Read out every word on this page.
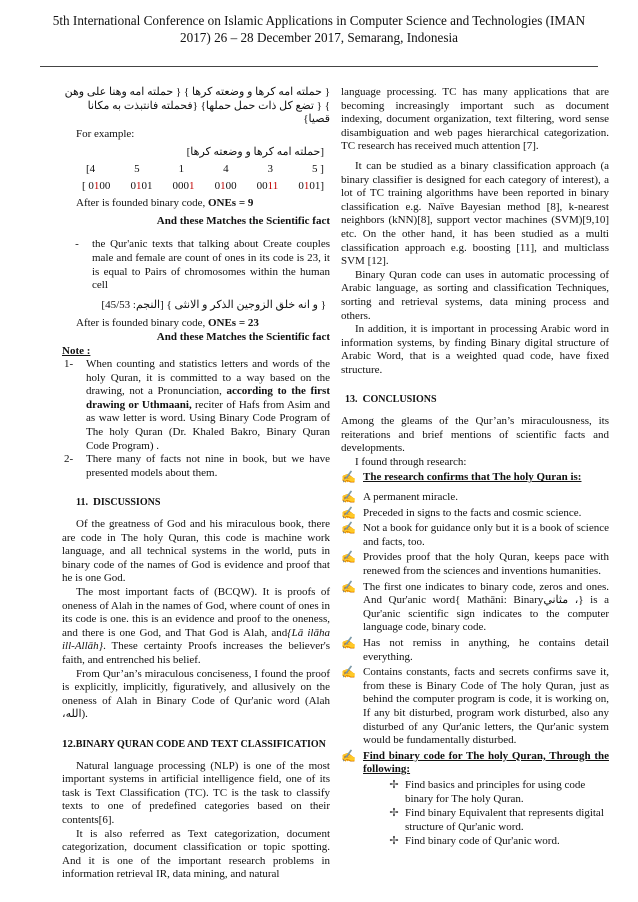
5th International Conference on Islamic Applications in Computer Science and Technologies (IMAN
2017) 26 – 28 December 2017, Semarang, Indonesia

{ حملته امه كرها و وضعته كرها } { حملته امه وهنا على وهن } { تضع كل ذات حمل حملها} {فحملته فانتبذت به مكانا قصيا}

For example:

[حملته امه كرها و وضعته كرها]

[4	5	1	4	3	5 ]
[ 0100 0101 0001 0100 0011 0101]

After is founded binary code, ONEs = 9

And these Matches the Scientific fact

-	the Qur'anic texts that talking about Create couples male and female are count of ones in its code is 23, it is equal to Pairs of chromosomes within the human cell

{ و انه خلق الزوجين الذكر و الانثى } [النجم: 45/53]

After is founded binary code, ONEs = 23

And these Matches the Scientific fact

Note :

1-	When counting and statistics letters and words of the holy Quran, it is committed to a way based on the drawing, not a Pronunciation, according to the first drawing or Uthmaani, reciter of Hafs from Asim and as waw letter is word. Using Binary Code Program of The holy Quran (Dr. Khaled Bakro, Binary Quran Code Program) .
2-	There many of facts not nine in book, but we have presented models about them.

11. DISCUSSIONS

Of the greatness of God and his miraculous book, there are code in The holy Quran, this code is machine work language, and all technical systems in the world, puts in binary code of the names of God is evidence and proof that he is one God.

The most important facts of (BCQW). It is proofs of oneness of Alah in the names of God, where count of ones in its code is one. this is an evidence and proof to the oneness, and there is one God, and That God is Alah, and{Lā ilāha ill-Allāh}. These certainty Proofs increases the believer's faith, and entrenched his belief.

From Qur’an’s miraculous conciseness, I found the proof is explicitly, implicitly, figuratively, and allusively on the oneness of Alah in Binary Code of Qur'anic word (Alah ،الله).

12.BINARY QURAN CODE AND TEXT CLASSIFICATION

Natural language processing (NLP) is one of the most important systems in artificial intelligence field, one of its task is Text Classification (TC). TC is the task to classify texts to one of predefined categories based on their contents[6].

It is also referred as Text categorization, document categorization, document classification or topic spotting. And it is one of the important research problems in information retrieval IR, data mining, and natural

language processing. TC has many applications that are becoming increasingly important such as document indexing, document organization, text filtering, word sense disambiguation and web pages hierarchical categorization. TC research has received much attention [7].

It can be studied as a binary classification approach (a binary classifier is designed for each category of interest), a lot of TC training algorithms have been reported in binary classification e.g. Naïve Bayesian method [8], k-nearest neighbors (kNN)[8], support vector machines (SVM)[9,10] etc. On the other hand, it has been studied as a multi classification approach e.g. boosting [11], and multiclass SVM [12].

Binary Quran code can uses in automatic processing of Arabic language, as sorting and classification Techniques, sorting and retrieval systems, data mining process and others.

In addition, it is important in processing Arabic word in information systems, by finding Binary digital structure of Arabic Word, that is a weighted quad code, have fixed structure.

13. CONCLUSIONS

Among the gleams of the Qur’an’s miraculousness, its reiterations and brief mentions of scientific facts and developments.

I found through research:

✍ The research confirms that The holy Quran is:
✍ A permanent miracle.
✍ Preceded in signs to the facts and cosmic science.
✍ Not a book for guidance only but it is a book of science and facts, too.
✍ Provides proof that the holy Quran, keeps pace with renewed from the sciences and inventions humanities.
✍ The first one indicates to binary code, zeros and ones. And Qur'anic word{ Mathāni: Binaryمثاني ،} is a Qur'anic scientific sign indicates to the computer language code, binary code.
✍ Has not remiss in anything, he contains detail everything.
✍ Contains constants, facts and secrets confirms save it, from these is Binary Code of The holy Quran, just as behind the computer program is code, it is working on, If any bit disturbed, program work disturbed, also any disturbed of any Qur'anic letters, the Qur'anic system would be fundamentally disturbed.
✍ Find binary code for The holy Quran, Through the following:
✢ Find basics and principles for using code binary for The holy Quran.
✢ Find binary Equivalent that represents digital structure of Qur'anic word.
✢ Find binary code of Qur'anic word.
